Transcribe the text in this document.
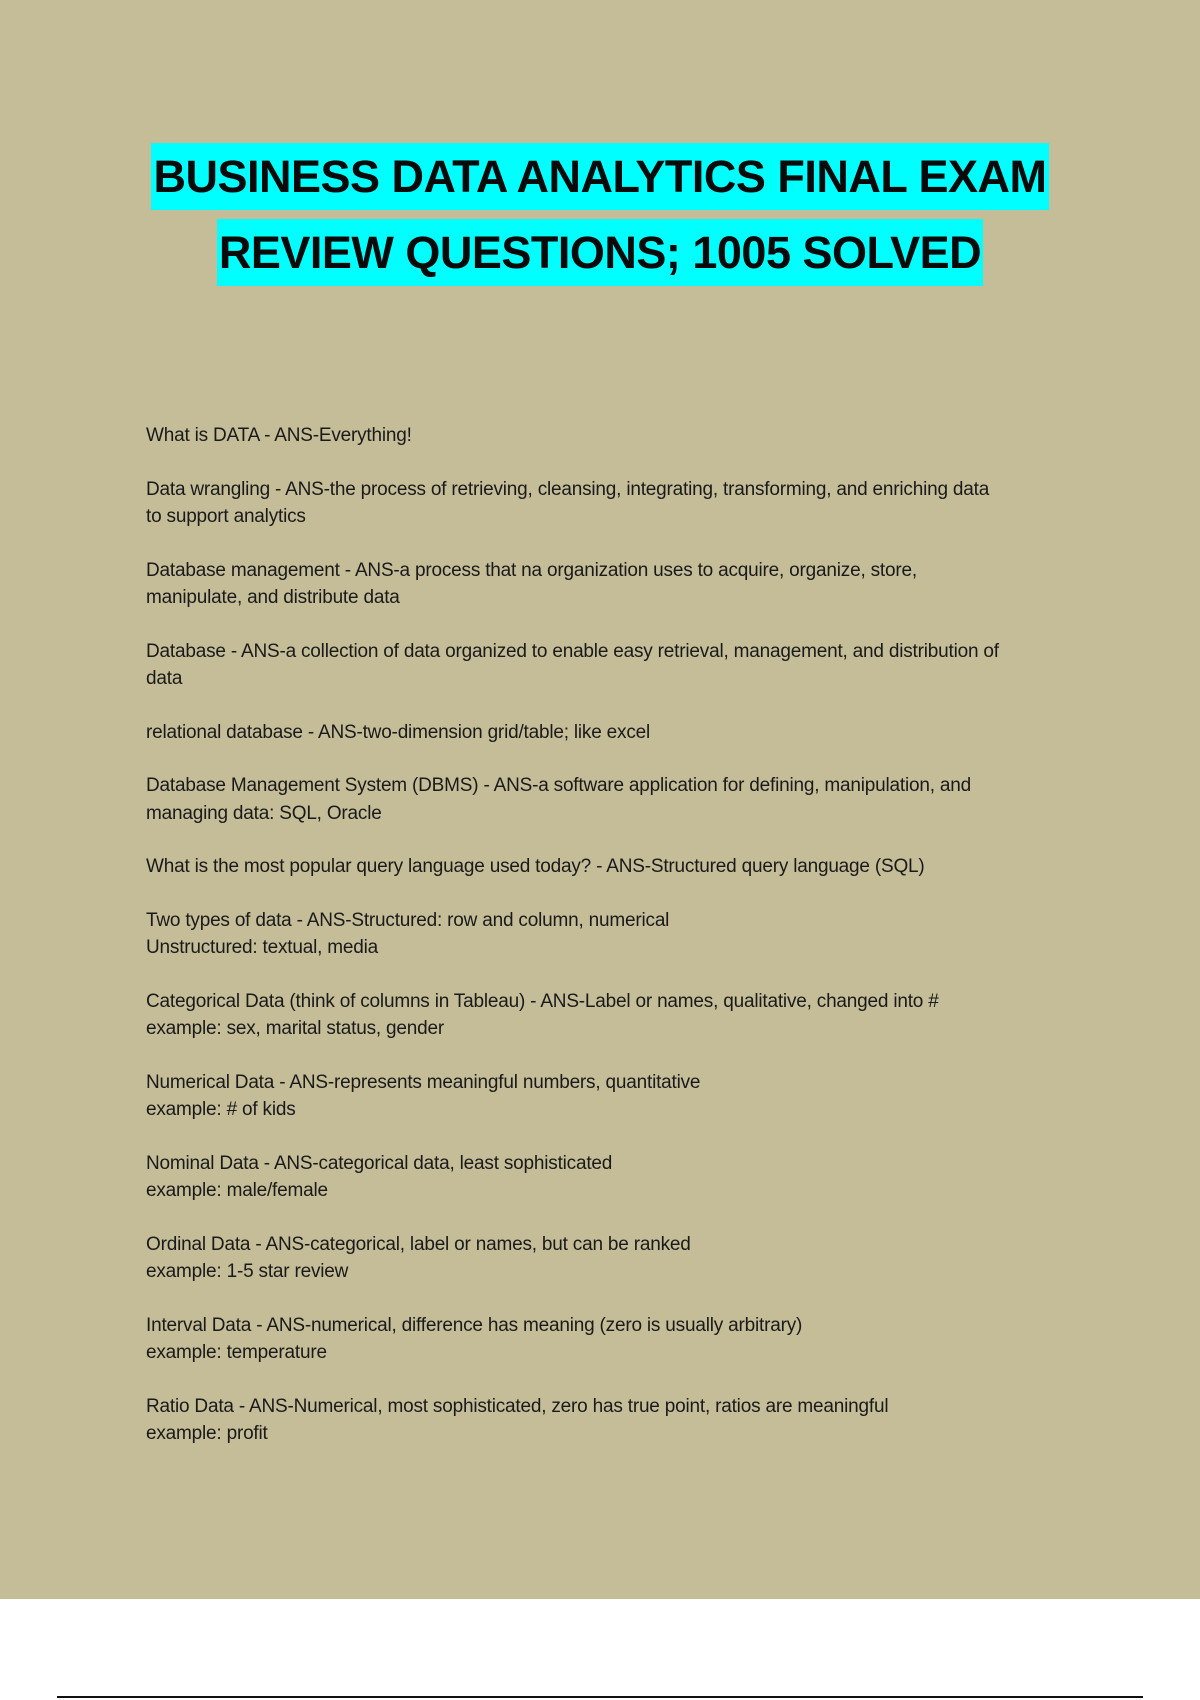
BUSINESS DATA ANALYTICS FINAL EXAM
REVIEW QUESTIONS; 1005 SOLVED
What is DATA - ANS-Everything!
Data wrangling - ANS-the process of retrieving, cleansing, integrating, transforming, and enriching data
to support analytics
Database management - ANS-a process that na organization uses to acquire, organize, store,
manipulate, and distribute data
Database - ANS-a collection of data organized to enable easy retrieval, management, and distribution of
data
relational database - ANS-two-dimension grid/table; like excel
Database Management System (DBMS) - ANS-a software application for defining, manipulation, and
managing data: SQL, Oracle
What is the most popular query language used today? - ANS-Structured query language (SQL)
Two types of data - ANS-Structured: row and column, numerical
Unstructured: textual, media
Categorical Data (think of columns in Tableau) - ANS-Label or names, qualitative, changed into #
example: sex, marital status, gender
Numerical Data - ANS-represents meaningful numbers, quantitative
example: # of kids
Nominal Data - ANS-categorical data, least sophisticated
example: male/female
Ordinal Data - ANS-categorical, label or names, but can be ranked
example: 1-5 star review
Interval Data - ANS-numerical, difference has meaning (zero is usually arbitrary)
example: temperature
Ratio Data - ANS-Numerical, most sophisticated, zero has true point, ratios are meaningful
example: profit
